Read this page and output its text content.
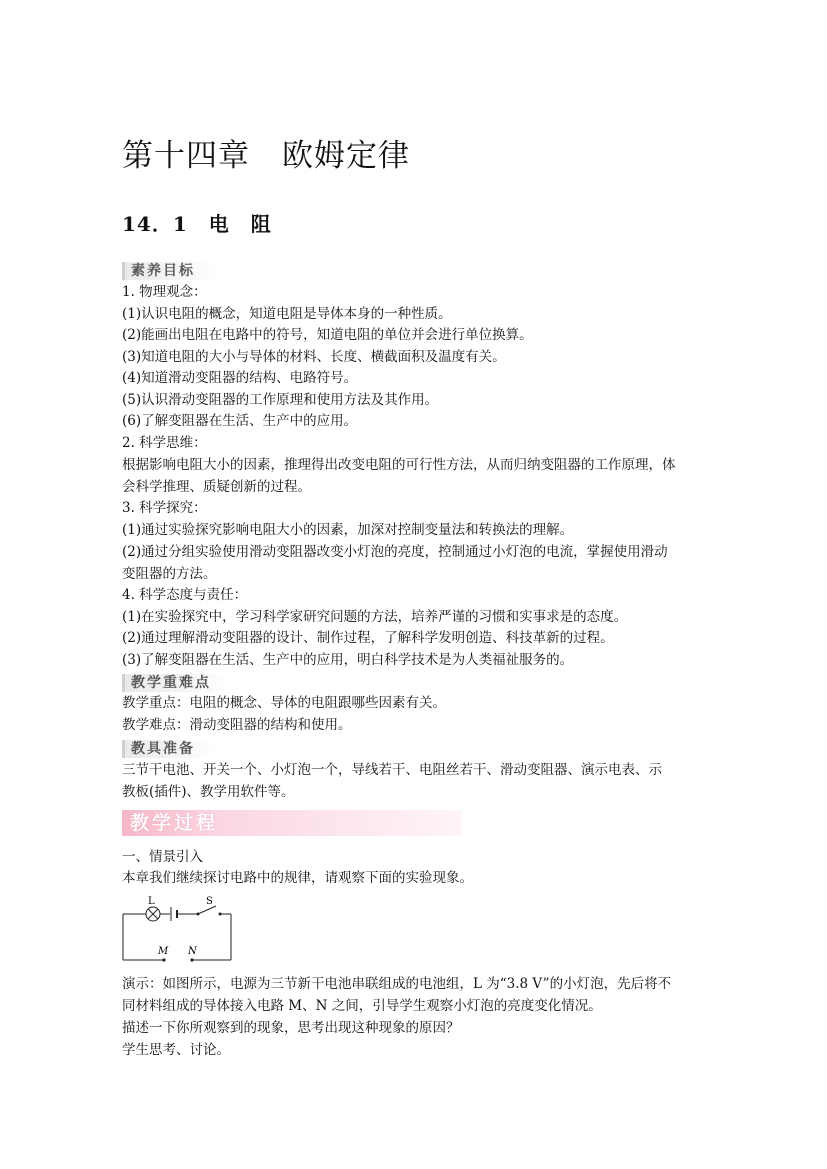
第十四章　欧姆定律
14．1　电　阻
素养目标

1. 物理观念：

(1)认识电阻的概念，知道电阻是导体本身的一种性质。

(2)能画出电阻在电路中的符号，知道电阻的单位并会进行单位换算。

(3)知道电阻的大小与导体的材料、长度、横截面积及温度有关。

(4)知道滑动变阻器的结构、电路符号。

(5)认识滑动变阻器的工作原理和使用方法及其作用。

(6)了解变阻器在生活、生产中的应用。

2. 科学思维：

根据影响电阻大小的因素，推理得出改变电阻的可行性方法，从而归纳变阻器的工作原理，体

会科学推理、质疑创新的过程。

3. 科学探究：

(1)通过实验探究影响电阻大小的因素，加深对控制变量法和转换法的理解。

(2)通过分组实验使用滑动变阻器改变小灯泡的亮度，控制通过小灯泡的电流，掌握使用滑动

变阻器的方法。

4. 科学态度与责任：

(1)在实验探究中，学习科学家研究问题的方法，培养严谨的习惯和实事求是的态度。

(2)通过理解滑动变阻器的设计、制作过程，了解科学发明创造、科技革新的过程。

(3)了解变阻器在生活、生产中的应用，明白科学技术是为人类福祉服务的。

教学重难点

教学重点：电阻的概念、导体的电阻跟哪些因素有关。

教学难点：滑动变阻器的结构和使用。

教具准备

三节干电池、开关一个、小灯泡一个，导线若干、电阻丝若干、滑动变阻器、演示电表、示

教板(插件)、教学用软件等。

教学过程

一、情景引入

本章我们继续探讨电路中的规律，请观察下面的实验现象。

L	S
M N

演示：如图所示，电源为三节新干电池串联组成的电池组，L 为“3.8 V”的小灯泡，先后将不

同材料组成的导体接入电路 M、N 之间，引导学生观察小灯泡的亮度变化情况。

描述一下你所观察到的现象，思考出现这种现象的原因？

学生思考、讨论。
